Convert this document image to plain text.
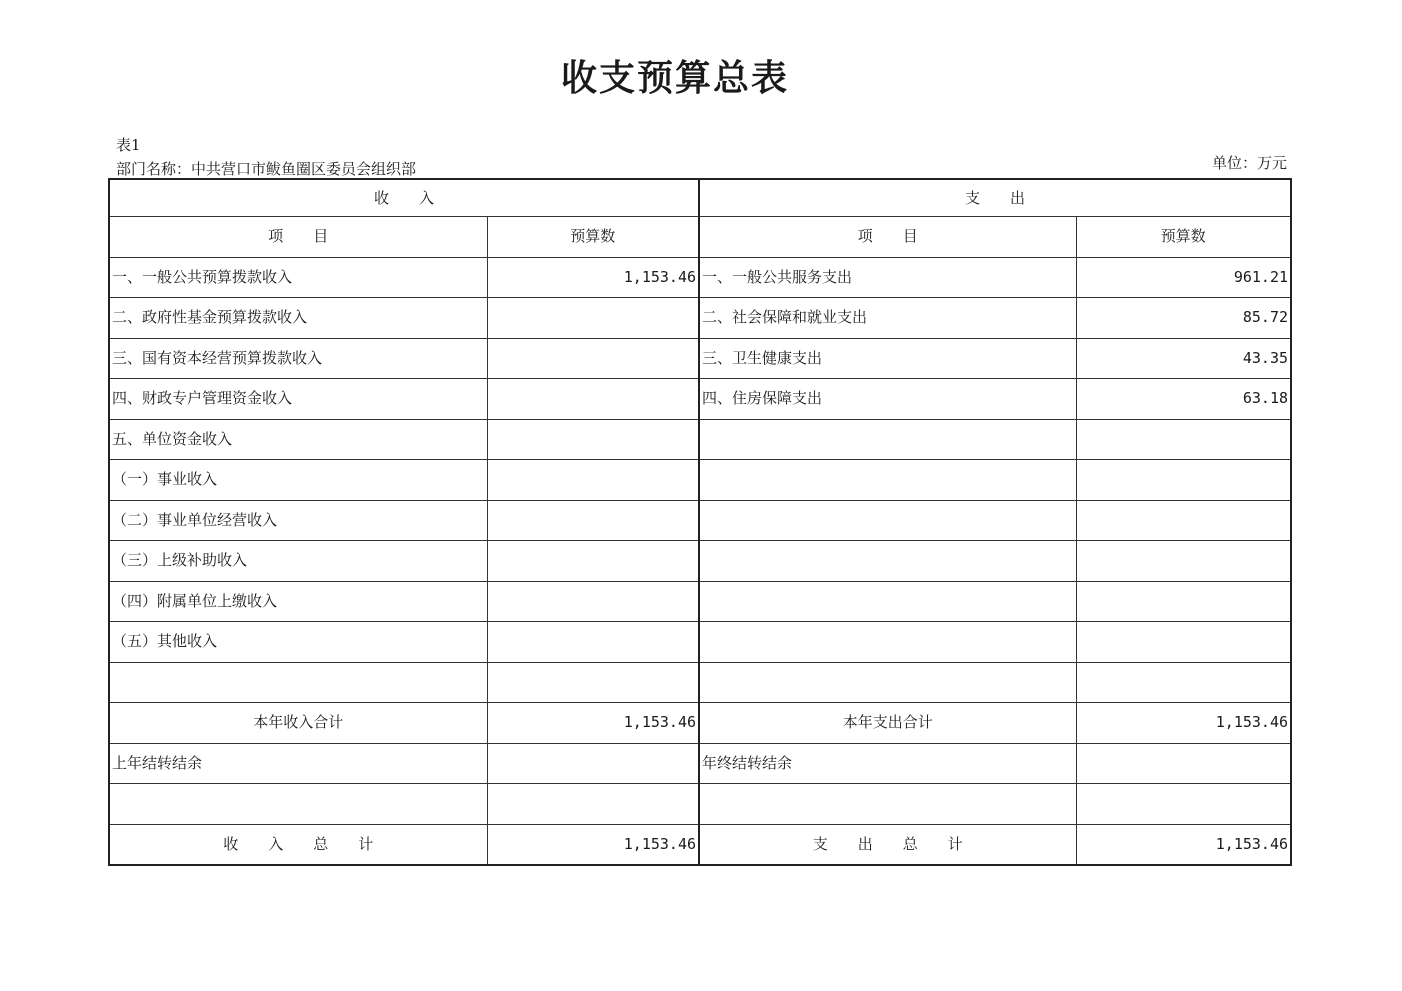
收支预算总表
表1
部门名称：中共营口市鲅鱼圈区委员会组织部	单位：万元
收　　入		支　　出	
项　　目	预算数	项　　目	预算数
一、一般公共预算拨款收入	1,153.46	一、一般公共服务支出	961.21
二、政府性基金预算拨款收入		二、社会保障和就业支出	85.72
三、国有资本经营预算拨款收入		三、卫生健康支出	43.35
四、财政专户管理资金收入		四、住房保障支出	63.18
五、单位资金收入			
（一）事业收入			
（二）事业单位经营收入			
（三）上级补助收入			
（四）附属单位上缴收入			
（五）其他收入			

本年收入合计	1,153.46	本年支出合计	1,153.46
上年结转结余		年终结转结余	

收　　入　　总　　计	1,153.46	支　　出　　总　　计	1,153.46
